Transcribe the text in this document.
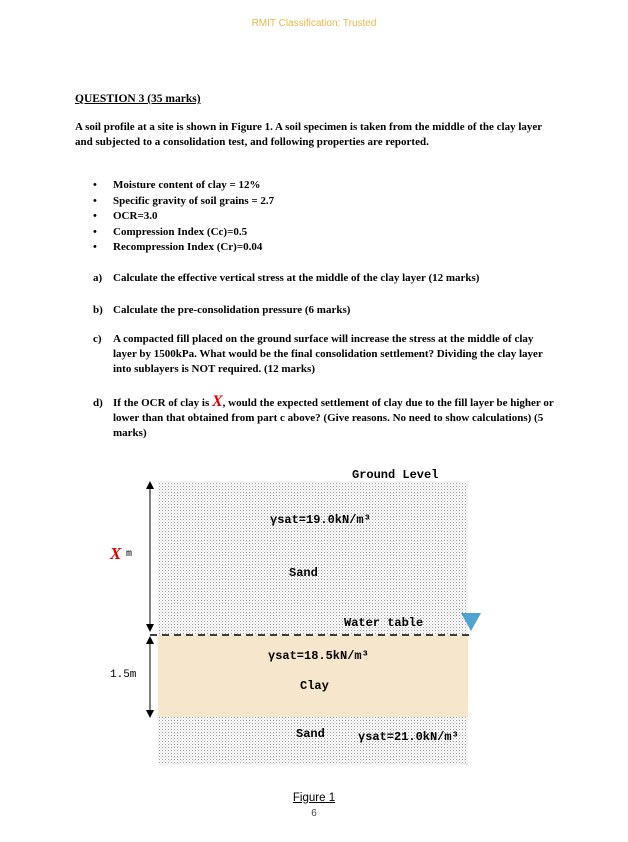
RMIT Classification: Trusted
QUESTION 3 (35 marks)
A soil profile at a site is shown in Figure 1. A soil specimen is taken from the middle of the clay layer and subjected to a consolidation test, and following properties are reported.
• Moisture content of clay = 12%
• Specific gravity of soil grains = 2.7
• OCR=3.0
• Compression Index (Cc)=0.5
• Recompression Index (Cr)=0.04
a) Calculate the effective vertical stress at the middle of the clay layer (12 marks)
b) Calculate the pre-consolidation pressure (6 marks)
c) A compacted fill placed on the ground surface will increase the stress at the middle of clay layer by 1500kPa. What would be the final consolidation settlement? Dividing the clay layer into sublayers is NOT required. (12 marks)
d) If the OCR of clay is X, would the expected settlement of clay due to the fill layer be higher or lower than that obtained from part c above? (Give reasons. No need to show calculations) (5 marks)
Ground Level
γsat=19.0kN/m³
Sand
Water table
γsat=18.5kN/m³
Clay
Sand	γsat=21.0kN/m³
X m
1.5m
Figure 1
6
